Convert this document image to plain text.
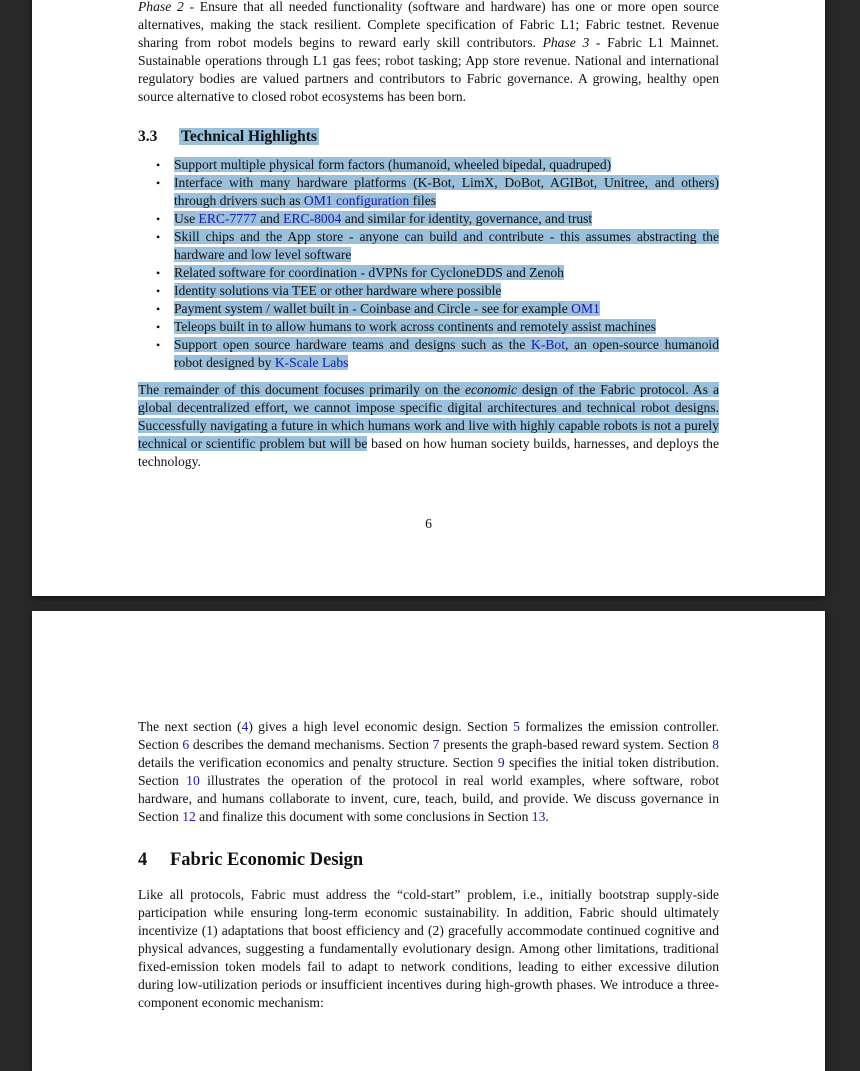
Phase 2 - Ensure that all needed functionality (software and hardware) has one or more open source alternatives, making the stack resilient. Complete specification of Fabric L1; Fabric testnet. Revenue sharing from robot models begins to reward early skill contributors. Phase 3 - Fabric L1 Mainnet. Sustainable operations through L1 gas fees; robot tasking; App store revenue. National and international regulatory bodies are valued partners and contributors to Fabric governance. A growing, healthy open source alternative to closed robot ecosystems has been born.

3.3 Technical Highlights
•	Support multiple physical form factors (humanoid, wheeled bipedal, quadruped)
•	Interface with many hardware platforms (K-Bot, LimX, DoBot, AGIBot, Unitree, and others) through drivers such as OM1 configuration files
•	Use ERC-7777 and ERC-8004 and similar for identity, governance, and trust
•	Skill chips and the App store - anyone can build and contribute - this assumes abstracting the hardware and low level software
•	Related software for coordination - dVPNs for CycloneDDS and Zenoh
•	Identity solutions via TEE or other hardware where possible
•	Payment system / wallet built in - Coinbase and Circle - see for example OM1
•	Teleops built in to allow humans to work across continents and remotely assist machines
•	Support open source hardware teams and designs such as the K-Bot, an open-source humanoid robot designed by K-Scale Labs

The remainder of this document focuses primarily on the economic design of the Fabric protocol. As a global decentralized effort, we cannot impose specific digital architectures and technical robot designs. Successfully navigating a future in which humans work and live with highly capable robots is not a purely technical or scientific problem but will be based on how human society builds, harnesses, and deploys the technology.

6

The next section (4) gives a high level economic design. Section 5 formalizes the emission controller. Section 6 describes the demand mechanisms. Section 7 presents the graph-based reward system. Section 8 details the verification economics and penalty structure. Section 9 specifies the initial token distribution. Section 10 illustrates the operation of the protocol in real world examples, where software, robot hardware, and humans collaborate to invent, cure, teach, build, and provide. We discuss governance in Section 12 and finalize this document with some conclusions in Section 13.

4 Fabric Economic Design

Like all protocols, Fabric must address the “cold-start” problem, i.e., initially bootstrap supply-side participation while ensuring long-term economic sustainability. In addition, Fabric should ultimately incentivize (1) adaptations that boost efficiency and (2) gracefully accommodate continued cognitive and physical advances, suggesting a fundamentally evolutionary design. Among other limitations, traditional fixed-emission token models fail to adapt to network conditions, leading to either excessive dilution during low-utilization periods or insufficient incentives during high-growth phases. We introduce a three-component economic mechanism:
